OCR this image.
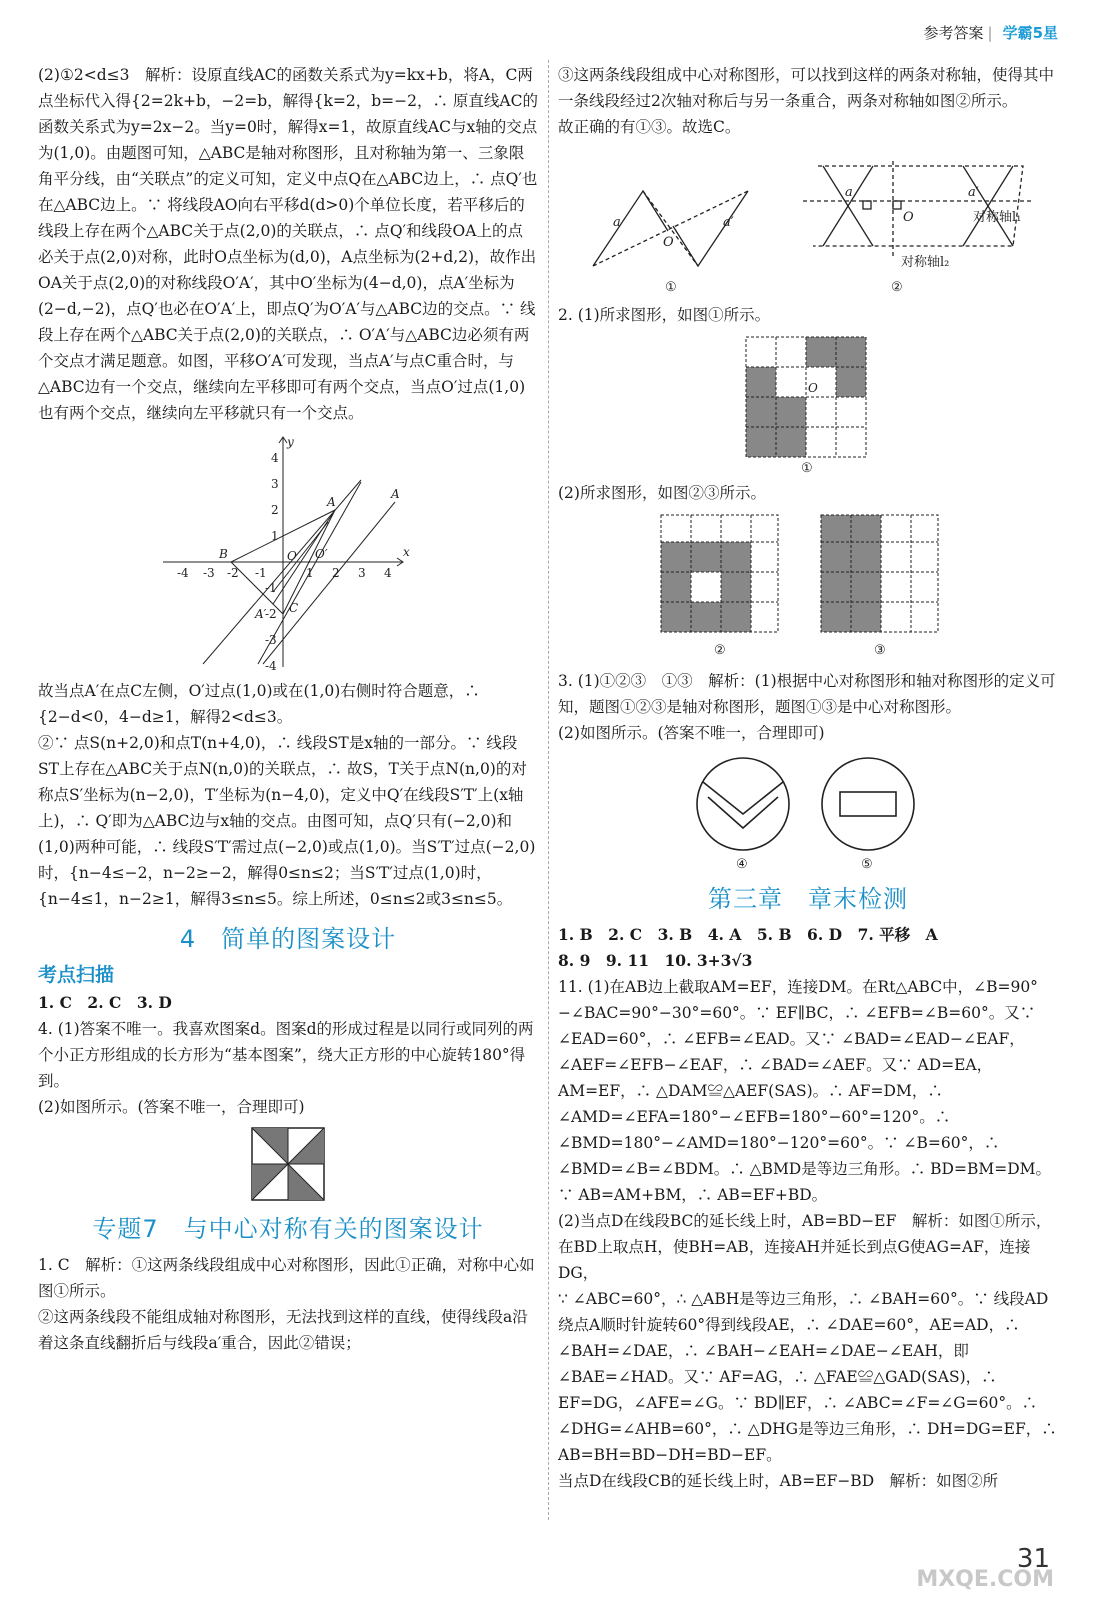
参考答案 | 学霸5星

(2)①2<d≤3　解析：设原直线AC的函数关系式为y=kx+b，将A，C两点坐标代入得{2=2k+b，−2=b，解得{k=2，b=−2，∴ 原直线AC的函数关系式为y=2x−2。当y=0时，解得x=1，故原直线AC与x轴的交点为(1,0)。由题图可知，△ABC是轴对称图形，且对称轴为第一、三象限角平分线，由“关联点”的定义可知，定义中点Q在△ABC边上，∴ 点Q′也在△ABC边上。∵ 将线段AO向右平移d(d>0)个单位长度，若平移后的线段上存在两个△ABC关于点(2,0)的关联点，∴ 点Q′和线段OA上的点必关于点(2,0)对称，此时O点坐标为(d,0)，A点坐标为(2+d,2)，故作出OA关于点(2,0)的对称线段O′A′，其中O′坐标为(4−d,0)，点A′坐标为(2−d,−2)，点Q′也必在O′A′上，即点Q′为O′A′与△ABC边的交点。∵ 线段上存在两个△ABC关于点(2,0)的关联点，∴ O′A′与△ABC边必须有两个交点才满足题意。如图，平移O′A′可发现，当点A′与点C重合时，与△ABC边有一个交点，继续向左平移即可有两个交点，当点O′过点(1,0)也有两个交点，继续向左平移就只有一个交点。

-4 -3 -2 -1	1 2 3 4
4
3
2
1
-1
-2
-3
-4
y
x
O
A
A
B
C
A′
O′

故当点A′在点C左侧，O′过点(1,0)或在(1,0)右侧时符合题意，∴ {2−d<0，4−d≥1，解得2<d≤3。

②∵ 点S(n+2,0)和点T(n+4,0)，∴ 线段ST是x轴的一部分。∵ 线段ST上存在△ABC关于点N(n,0)的关联点，∴ 故S，T关于点N(n,0)的对称点S′坐标为(n−2,0)，T′坐标为(n−4,0)，定义中Q′在线段S′T′上(x轴上)，∴ Q′即为△ABC边与x轴的交点。由图可知，点Q′只有(−2,0)和(1,0)两种可能，∴ 线段S′T′需过点(−2,0)或点(1,0)。当S′T′过点(−2,0)时，{n−4≤−2，n−2≥−2，解得0≤n≤2；当S′T′过点(1,0)时，{n−4≤1，n−2≥1，解得3≤n≤5。综上所述，0≤n≤2或3≤n≤5。

4　简单的图案设计
考点扫描

1. C　2. C　3. D

4. (1)答案不唯一。我喜欢图案d。图案d的形成过程是以同行或同列的两个小正方形组成的长方形为“基本图案”，绕大正方形的中心旋转180°得到。

(2)如图所示。(答案不唯一，合理即可)

专题7　与中心对称有关的图案设计

1. C　解析：①这两条线段组成中心对称图形，因此①正确，对称中心如图①所示。

②这两条线段不能组成轴对称图形，无法找到这样的直线，使得线段a沿着这条直线翻折后与线段a′重合，因此②错误；

③这两条线段组成中心对称图形，可以找到这样的两条对称轴，使得其中一条线段经过2次轴对称后与另一条重合，两条对称轴如图②所示。

故正确的有①③。故选C。

a	a′
O
①
a	a′
O	对称轴l₁
对称轴l₂
②

2. (1)所求图形，如图①所示。

O
①

(2)所求图形，如图②③所示。

②	③

3. (1)①②③　①③　解析：(1)根据中心对称图形和轴对称图形的定义可知，题图①②③是轴对称图形，题图①③是中心对称图形。

(2)如图所示。(答案不唯一，合理即可)

④	⑤
第三章　章末检测

1. B　2. C　3. B　4. A　5. B　6. D　7. 平移　A

8. 9　9. 11　10. 3+3√3

11. (1)在AB边上截取AM=EF，连接DM。在Rt△ABC中，∠B=90°−∠BAC=90°−30°=60°。∵ EF∥BC，∴ ∠EFB=∠B=60°。又∵ ∠EAD=60°，∴ ∠EFB=∠EAD。又∵ ∠BAD=∠EAD−∠EAF，∠AEF=∠EFB−∠EAF，∴ ∠BAD=∠AEF。又∵ AD=EA，AM=EF，∴ △DAM≌△AEF(SAS)。∴ AF=DM，∴ ∠AMD=∠EFA=180°−∠EFB=180°−60°=120°。∴ ∠BMD=180°−∠AMD=180°−120°=60°。∵ ∠B=60°，∴ ∠BMD=∠B=∠BDM。∴ △BMD是等边三角形。∴ BD=BM=DM。∵ AB=AM+BM，∴ AB=EF+BD。

(2)当点D在线段BC的延长线上时，AB=BD−EF　解析：如图①所示，在BD上取点H，使BH=AB，连接AH并延长到点G使AG=AF，连接DG，

∵ ∠ABC=60°，∴ △ABH是等边三角形，∴ ∠BAH=60°。∵ 线段AD绕点A顺时针旋转60°得到线段AE，∴ ∠DAE=60°，AE=AD，∴ ∠BAH=∠DAE，∴ ∠BAH−∠EAH=∠DAE−∠EAH，即∠BAE=∠HAD。又∵ AF=AG，∴ △FAE≌△GAD(SAS)，∴ EF=DG，∠AFE=∠G。∵ BD∥EF，∴ ∠ABC=∠F=∠G=60°。∴ ∠DHG=∠AHB=60°，∴ △DHG是等边三角形，∴ DH=DG=EF，∴ AB=BH=BD−DH=BD−EF。

当点D在线段CB的延长线上时，AB=EF−BD　解析：如图②所

31
MXQE.COM
